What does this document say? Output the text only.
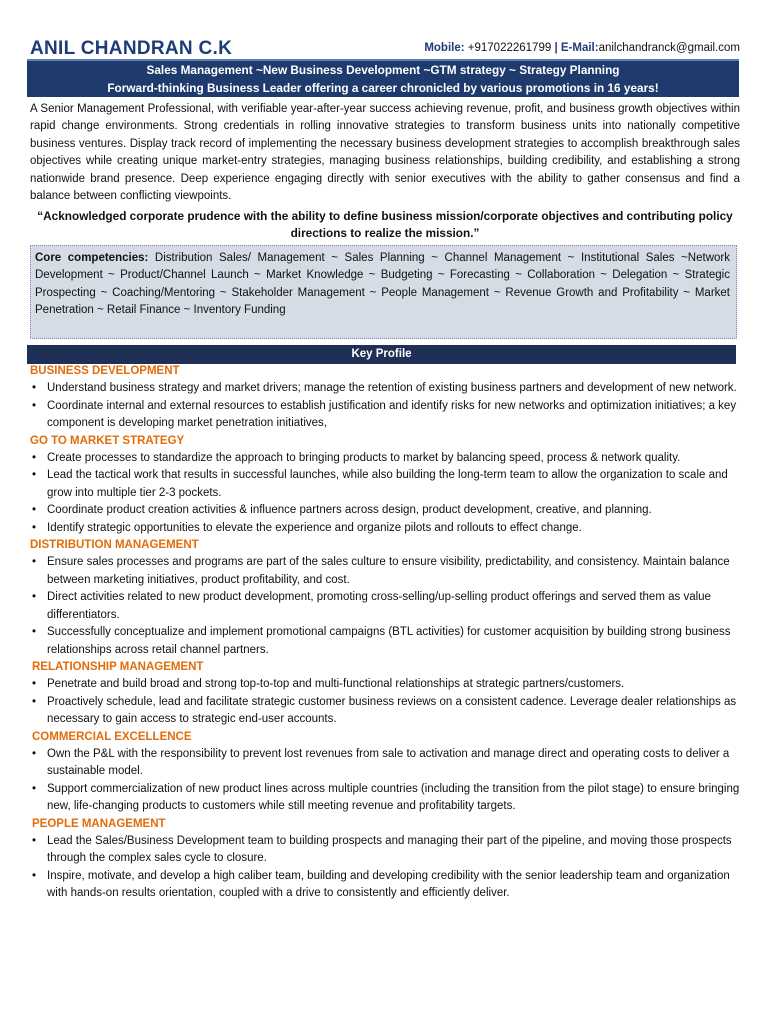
ANIL CHANDRAN C.K	Mobile: +917022261799 | E-Mail:anilchandranck@gmail.com
Sales Management ~New Business Development ~GTM strategy ~ Strategy Planning
Forward-thinking Business Leader offering a career chronicled by various promotions in 16 years!
A Senior Management Professional, with verifiable year-after-year success achieving revenue, profit, and business growth objectives within rapid change environments. Strong credentials in rolling innovative strategies to transform business units into nationally competitive business ventures. Display track record of implementing the necessary business development strategies to accomplish breakthrough sales objectives while creating unique market-entry strategies, managing business relationships, building credibility, and establishing a strong nationwide brand presence. Deep experience engaging directly with senior executives with the ability to gather consensus and find a balance between conflicting viewpoints.
“Acknowledged corporate prudence with the ability to define business mission/corporate objectives and contributing policy directions to realize the mission.”
Core competencies: Distribution Sales/ Management ~ Sales Planning ~ Channel Management ~ Institutional Sales ~Network Development ~ Product/Channel Launch ~ Market Knowledge ~ Budgeting ~ Forecasting ~ Collaboration ~ Delegation ~ Strategic Prospecting ~ Coaching/Mentoring ~ Stakeholder Management ~ People Management ~ Revenue Growth and Profitability ~ Market Penetration ~ Retail Finance ~ Inventory Funding
Key Profile
BUSINESS DEVELOPMENT
• Understand business strategy and market drivers; manage the retention of existing business partners and development of new network.
• Coordinate internal and external resources to establish justification and identify risks for new networks and optimization initiatives; a key component is developing market penetration initiatives,
GO TO MARKET STRATEGY
• Create processes to standardize the approach to bringing products to market by balancing speed, process & network quality.
• Lead the tactical work that results in successful launches, while also building the long-term team to allow the organization to scale and grow into multiple tier 2-3 pockets.
• Coordinate product creation activities & influence partners across design, product development, creative, and planning.
• Identify strategic opportunities to elevate the experience and organize pilots and rollouts to effect change.
DISTRIBUTION MANAGEMENT
• Ensure sales processes and programs are part of the sales culture to ensure visibility, predictability, and consistency. Maintain balance between marketing initiatives, product profitability, and cost.
• Direct activities related to new product development, promoting cross-selling/up-selling product offerings and served them as value differentiators.
• Successfully conceptualize and implement promotional campaigns (BTL activities) for customer acquisition by building strong business relationships across retail channel partners.
RELATIONSHIP MANAGEMENT
• Penetrate and build broad and strong top-to-top and multi-functional relationships at strategic partners/customers.
• Proactively schedule, lead and facilitate strategic customer business reviews on a consistent cadence. Leverage dealer relationships as necessary to gain access to strategic end-user accounts.
COMMERCIAL EXCELLENCE
• Own the P&L with the responsibility to prevent lost revenues from sale to activation and manage direct and operating costs to deliver a sustainable model.
• Support commercialization of new product lines across multiple countries (including the transition from the pilot stage) to ensure bringing new, life-changing products to customers while still meeting revenue and profitability targets.
PEOPLE MANAGEMENT
• Lead the Sales/Business Development team to building prospects and managing their part of the pipeline, and moving those prospects through the complex sales cycle to closure.
• Inspire, motivate, and develop a high caliber team, building and developing credibility with the senior leadership team and organization with hands-on results orientation, coupled with a drive to consistently and efficiently deliver.
